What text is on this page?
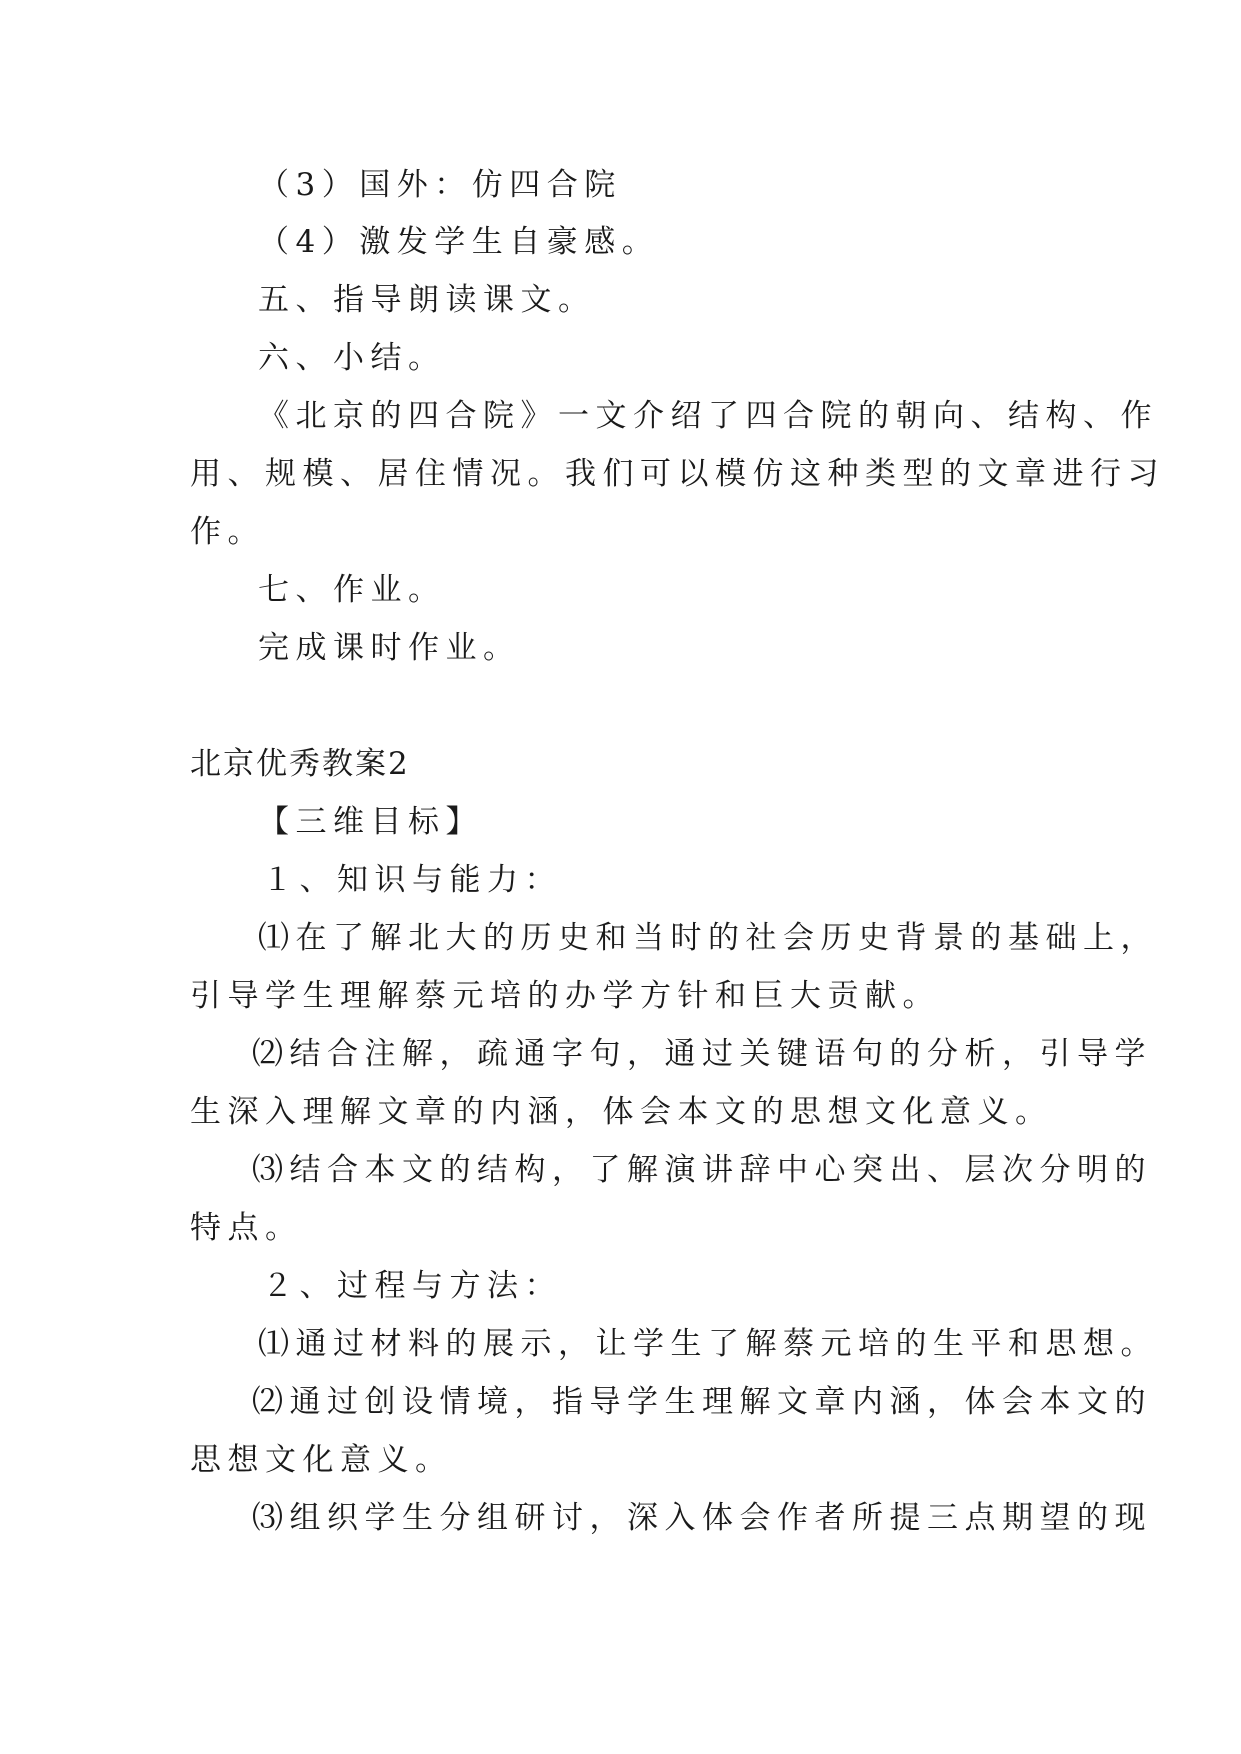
（3）国外：仿四合院
（4）激发学生自豪感。
五、指导朗读课文。
六、小结。
《北京的四合院》一文介绍了四合院的朝向、结构、作
用、规模、居住情况。我们可以模仿这种类型的文章进行习
作。
七、作业。
完成课时作业。
北京优秀教案2
【三维目标】
１、知识与能力：
⑴在了解北大的历史和当时的社会历史背景的基础上，
引导学生理解蔡元培的办学方针和巨大贡献。
⑵结合注解，疏通字句，通过关键语句的分析，引导学
生深入理解文章的内涵，体会本文的思想文化意义。
⑶结合本文的结构，了解演讲辞中心突出、层次分明的
特点。
２、过程与方法：
⑴通过材料的展示，让学生了解蔡元培的生平和思想。
⑵通过创设情境，指导学生理解文章内涵，体会本文的
思想文化意义。
⑶组织学生分组研讨，深入体会作者所提三点期望的现
